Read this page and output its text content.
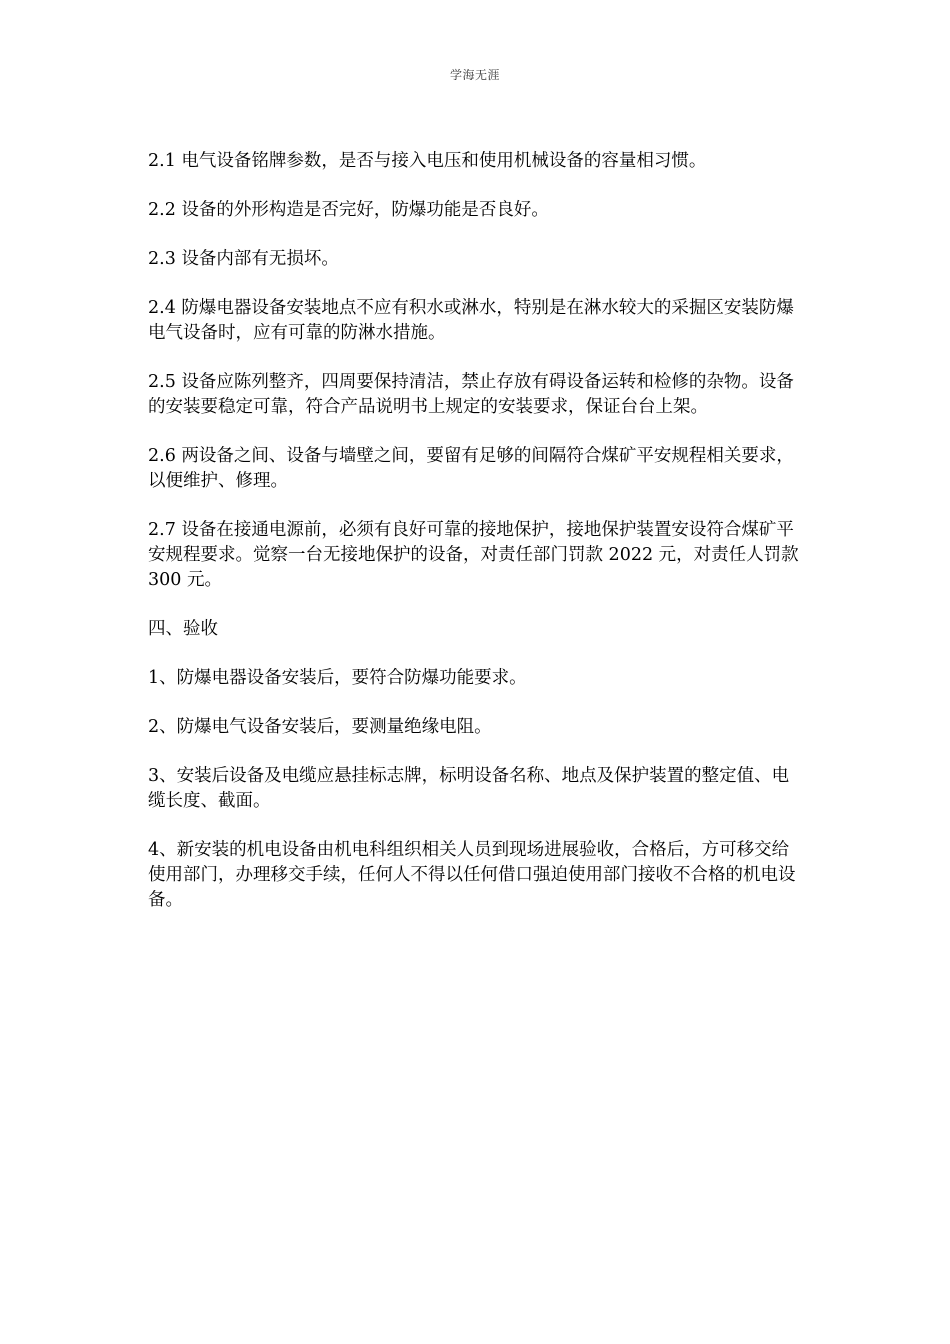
学海无涯

2.1 电气设备铭牌参数，是否与接入电压和使用机械设备的容量相习惯。

2.2 设备的外形构造是否完好，防爆功能是否良好。

2.3 设备内部有无损坏。

2.4 防爆电器设备安装地点不应有积水或淋水，特别是在淋水较大的采掘区安装防爆电气设备时，应有可靠的防淋水措施。

2.5 设备应陈列整齐，四周要保持清洁，禁止存放有碍设备运转和检修的杂物。设备的安装要稳定可靠，符合产品说明书上规定的安装要求，保证台台上架。

2.6 两设备之间、设备与墙壁之间，要留有足够的间隔符合煤矿平安规程相关要求，以便维护、修理。

2.7 设备在接通电源前，必须有良好可靠的接地保护，接地保护装置安设符合煤矿平安规程要求。觉察一台无接地保护的设备，对责任部门罚款 2022 元，对责任人罚款 300 元。

四、验收

1、防爆电器设备安装后，要符合防爆功能要求。

2、防爆电气设备安装后，要测量绝缘电阻。

3、安装后设备及电缆应悬挂标志牌，标明设备名称、地点及保护装置的整定值、电缆长度、截面。

4、新安装的机电设备由机电科组织相关人员到现场进展验收，合格后，方可移交给使用部门，办理移交手续，任何人不得以任何借口强迫使用部门接收不合格的机电设备。
